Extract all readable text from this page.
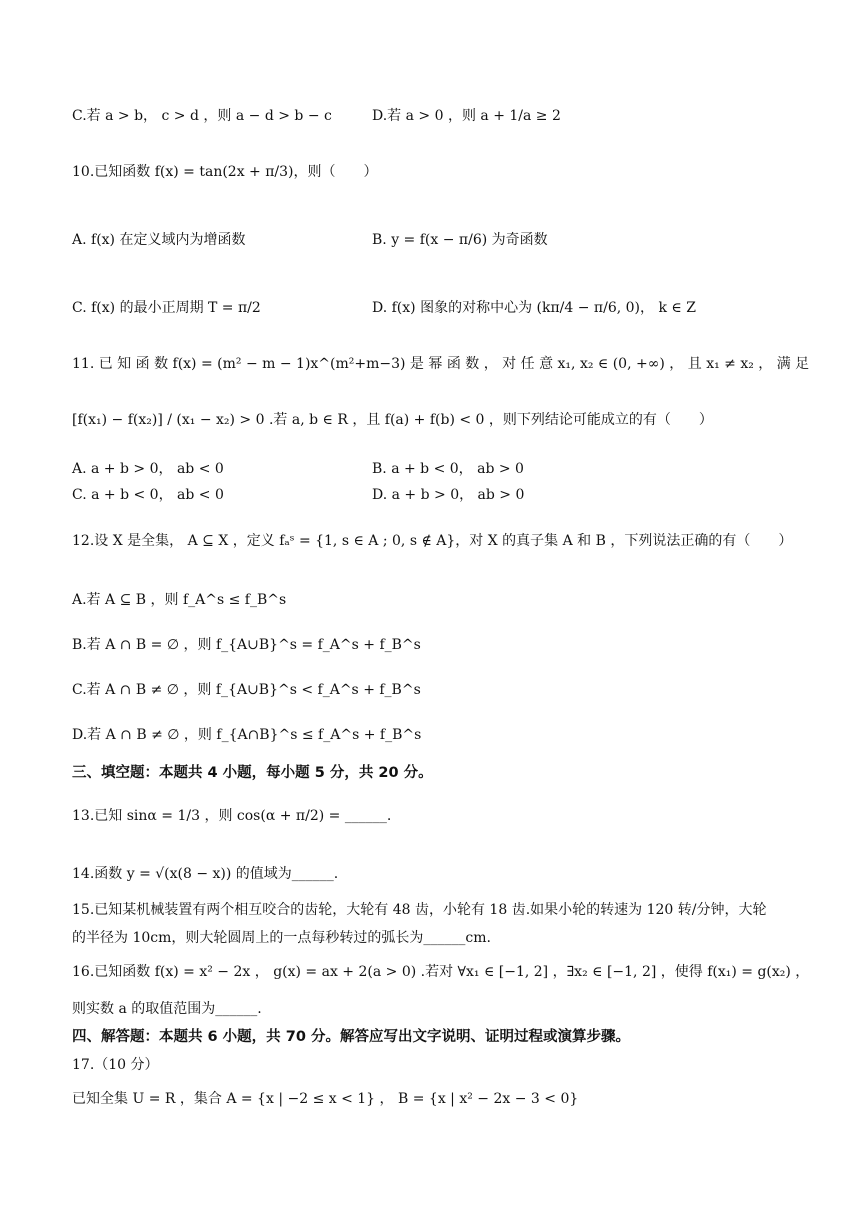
C.若 a > b， c > d ，则 a − d > b − c	D.若 a > 0 ，则 a + 1/a ≥ 2
10.已知函数 f(x) = tan(2x + π/3)，则（　　）
A. f(x) 在定义域内为增函数	B. y = f(x − π/6) 为奇函数
C. f(x) 的最小正周期 T = π/2	D. f(x) 图象的对称中心为 (kπ/4 − π/6, 0)， k ∈ Z
11. 已 知 函 数 f(x) = (m² − m − 1)x^(m²+m−3) 是 幂 函 数 ， 对 任 意 x₁, x₂ ∈ (0, +∞) ， 且 x₁ ≠ x₂ ， 满 足
[f(x₁) − f(x₂)] / (x₁ − x₂) > 0 .若 a, b ∈ R ，且 f(a) + f(b) < 0 ，则下列结论可能成立的有（　　）
A. a + b > 0， ab < 0	B. a + b < 0， ab > 0
C. a + b < 0， ab < 0	D. a + b > 0， ab > 0
12.设 X 是全集， A ⊆ X ，定义 fₐˢ = {1, s ∈ A ; 0, s ∉ A}，对 X 的真子集 A 和 B ，下列说法正确的有（　　）
A.若 A ⊆ B ，则 f_A^s ≤ f_B^s
B.若 A ∩ B = ∅ ，则 f_{A∪B}^s = f_A^s + f_B^s
C.若 A ∩ B ≠ ∅ ，则 f_{A∪B}^s < f_A^s + f_B^s
D.若 A ∩ B ≠ ∅ ，则 f_{A∩B}^s ≤ f_A^s + f_B^s
三、填空题：本题共 4 小题，每小题 5 分，共 20 分。
13.已知 sinα = 1/3 ，则 cos(α + π/2) = ______.
14.函数 y = √(x(8 − x)) 的值域为______.
15.已知某机械装置有两个相互咬合的齿轮，大轮有 48 齿，小轮有 18 齿.如果小轮的转速为 120 转/分钟，大轮
的半径为 10cm，则大轮圆周上的一点每秒转过的弧长为______cm.
16.已知函数 f(x) = x² − 2x ， g(x) = ax + 2(a > 0) .若对 ∀x₁ ∈ [−1, 2] ，∃x₂ ∈ [−1, 2] ，使得 f(x₁) = g(x₂) ，
则实数 a 的取值范围为______.
四、解答题：本题共 6 小题，共 70 分。解答应写出文字说明、证明过程或演算步骤。
17.（10 分）
已知全集 U = R ，集合 A = {x | −2 ≤ x < 1} ， B = {x | x² − 2x − 3 < 0}
